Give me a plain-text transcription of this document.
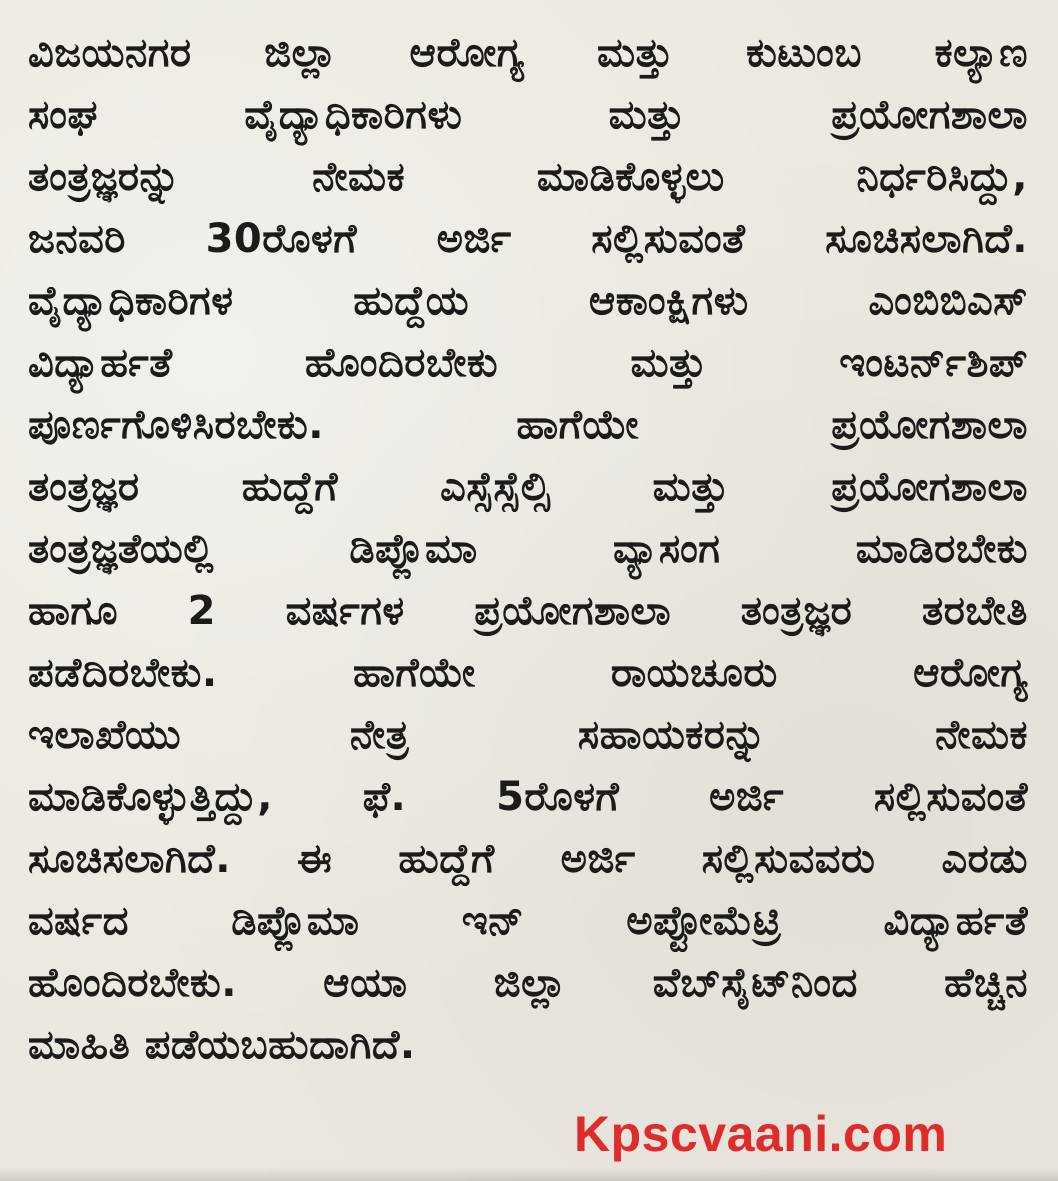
ವಿಜಯನಗರ ಜಿಲ್ಲಾ ಆರೋಗ್ಯ ಮತ್ತು ಕುಟುಂಬ ಕಲ್ಯಾಣ
ಸಂಘ ವೈದ್ಯಾಧಿಕಾರಿಗಳು ಮತ್ತು ಪ್ರಯೋಗಶಾಲಾ
ತಂತ್ರಜ್ಞರನ್ನು ನೇಮಕ ಮಾಡಿಕೊಳ್ಳಲು ನಿರ್ಧರಿಸಿದ್ದು,
ಜನವರಿ 30ರೊಳಗೆ ಅರ್ಜಿ ಸಲ್ಲಿಸುವಂತೆ ಸೂಚಿಸಲಾಗಿದೆ.
ವೈದ್ಯಾಧಿಕಾರಿಗಳ ಹುದ್ದೆಯ ಆಕಾಂಕ್ಷಿಗಳು ಎಂಬಿಬಿಎಸ್
ವಿದ್ಯಾರ್ಹತೆ ಹೊಂದಿರಬೇಕು ಮತ್ತು ಇಂಟರ್ನ್‌ಶಿಪ್
ಪೂರ್ಣಗೊಳಿಸಿರಬೇಕು. ಹಾಗೆಯೇ ಪ್ರಯೋಗಶಾಲಾ
ತಂತ್ರಜ್ಞರ ಹುದ್ದೆಗೆ ಎಸ್ಸೆಸ್ಸೆಲ್ಸಿ ಮತ್ತು ಪ್ರಯೋಗಶಾಲಾ
ತಂತ್ರಜ್ಞತೆಯಲ್ಲಿ ಡಿಪ್ಲೊಮಾ ವ್ಯಾಸಂಗ ಮಾಡಿರಬೇಕು
ಹಾಗೂ 2 ವರ್ಷಗಳ ಪ್ರಯೋಗಶಾಲಾ ತಂತ್ರಜ್ಞರ ತರಬೇತಿ
ಪಡೆದಿರಬೇಕು. ಹಾಗೆಯೇ ರಾಯಚೂರು ಆರೋಗ್ಯ
ಇಲಾಖೆಯು ನೇತ್ರ ಸಹಾಯಕರನ್ನು ನೇಮಕ
ಮಾಡಿಕೊಳ್ಳುತ್ತಿದ್ದು, ಫೆ. 5ರೊಳಗೆ ಅರ್ಜಿ ಸಲ್ಲಿಸುವಂತೆ
ಸೂಚಿಸಲಾಗಿದೆ. ಈ ಹುದ್ದೆಗೆ ಅರ್ಜಿ ಸಲ್ಲಿಸುವವರು ಎರಡು
ವರ್ಷದ ಡಿಪ್ಲೊಮಾ ಇನ್ ಅಪ್ಟೋಮೆಟ್ರಿ ವಿದ್ಯಾರ್ಹತೆ
ಹೊಂದಿರಬೇಕು. ಆಯಾ ಜಿಲ್ಲಾ ವೆಬ್‌ಸೈಟ್‌ನಿಂದ ಹೆಚ್ಚಿನ
ಮಾಹಿತಿ ಪಡೆಯಬಹುದಾಗಿದೆ.
Kpscvaani.com
